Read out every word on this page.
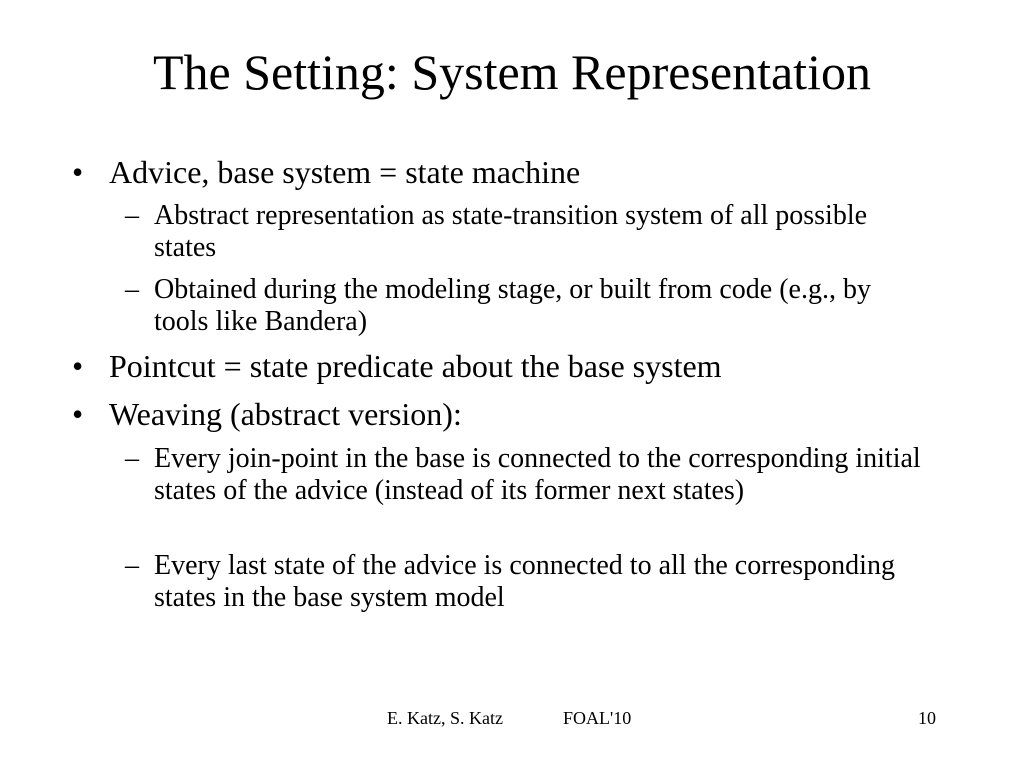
The Setting: System Representation
• Advice, base system = state machine
– Abstract representation as state-transition system of all possible states
– Obtained during the modeling stage, or built from code (e.g., by tools like Bandera)
• Pointcut = state predicate about the base system
• Weaving (abstract version):
– Every join-point in the base is connected to the corresponding initial states of the advice (instead of its former next states)
– Every last state of the advice is connected to all the corresponding states in the base system model
E. Katz, S. Katz	FOAL'10	10
